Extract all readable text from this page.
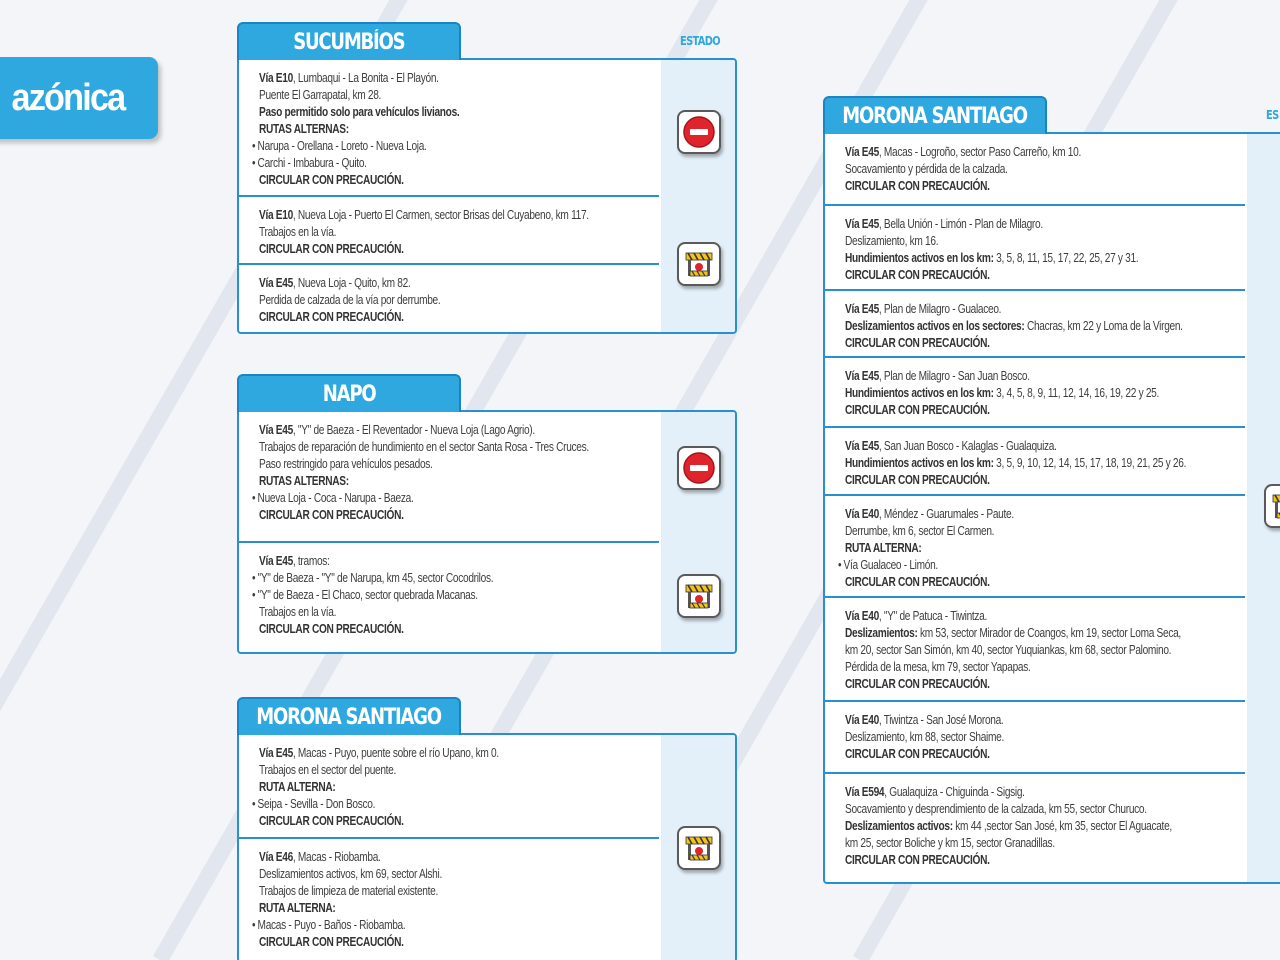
azónica
SUCUMBÍOS	ESTADO
Vía E10, Lumbaqui - La Bonita - El Playón.
Puente El Garrapatal, km 28.
Paso permitido solo para vehículos livianos.
RUTAS ALTERNAS:
• Narupa - Orellana - Loreto - Nueva Loja.
• Carchi - Imbabura - Quito.
CIRCULAR CON PRECAUCIÓN.
Vía E10, Nueva Loja - Puerto El Carmen, sector Brisas del Cuyabeno, km 117.
Trabajos en la vía.
CIRCULAR CON PRECAUCIÓN.
Vía E45, Nueva Loja - Quito, km 82.
Perdida de calzada de la vía por derrumbe.
CIRCULAR CON PRECAUCIÓN.
NAPO
Vía E45, "Y" de Baeza - El Reventador - Nueva Loja (Lago Agrio).
Trabajos de reparación de hundimiento en el sector Santa Rosa - Tres Cruces.
Paso restringido para vehículos pesados.
RUTAS ALTERNAS:
• Nueva Loja - Coca - Narupa - Baeza.
CIRCULAR CON PRECAUCIÓN.
Vía E45, tramos:
• "Y" de Baeza - "Y" de Narupa, km 45, sector Cocodrilos.
• "Y" de Baeza - El Chaco, sector quebrada Macanas.
Trabajos en la vía.
CIRCULAR CON PRECAUCIÓN.
MORONA SANTIAGO
Vía E45, Macas - Puyo, puente sobre el río Upano, km 0.
Trabajos en el sector del puente.
RUTA ALTERNA:
• Seipa - Sevilla - Don Bosco.
CIRCULAR CON PRECAUCIÓN.
Vía E46, Macas - Riobamba.
Deslizamientos activos, km 69, sector Alshi.
Trabajos de limpieza de material existente.
RUTA ALTERNA:
• Macas - Puyo - Baños - Riobamba.
CIRCULAR CON PRECAUCIÓN.
MORONA SANTIAGO	ES
Vía E45, Macas - Logroño, sector Paso Carreño, km 10.
Socavamiento y pérdida de la calzada.
CIRCULAR CON PRECAUCIÓN.
Vía E45, Bella Unión - Limón - Plan de Milagro.
Deslizamiento, km 16.
Hundimientos activos en los km: 3, 5, 8, 11, 15, 17, 22, 25, 27 y 31.
CIRCULAR CON PRECAUCIÓN.
Vía E45, Plan de Milagro - Gualaceo.
Deslizamientos activos en los sectores: Chacras, km 22 y Loma de la Virgen.
CIRCULAR CON PRECAUCIÓN.
Vía E45, Plan de Milagro - San Juan Bosco.
Hundimientos activos en los km: 3, 4, 5, 8, 9, 11, 12, 14, 16, 19, 22 y 25.
CIRCULAR CON PRECAUCIÓN.
Vía E45, San Juan Bosco - Kalaglas - Gualaquiza.
Hundimientos activos en los km: 3, 5, 9, 10, 12, 14, 15, 17, 18, 19, 21, 25 y 26.
CIRCULAR CON PRECAUCIÓN.
Vía E40, Méndez - Guarumales - Paute.
Derrumbe, km 6, sector El Carmen.
RUTA ALTERNA:
• Vía Gualaceo - Limón.
CIRCULAR CON PRECAUCIÓN.
Vía E40, "Y" de Patuca - Tiwintza.
Deslizamientos: km 53, sector Mirador de Coangos, km 19, sector Loma Seca,
km 20, sector San Simón, km 40, sector Yuquiankas, km 68, sector Palomino.
Pérdida de la mesa, km 79, sector Yapapas.
CIRCULAR CON PRECAUCIÓN.
Vía E40, Tiwintza - San José Morona.
Deslizamiento, km 88, sector Shaime.
CIRCULAR CON PRECAUCIÓN.
Vía E594, Gualaquiza - Chiguinda - Sigsig.
Socavamiento y desprendimiento de la calzada, km 55, sector Churuco.
Deslizamientos activos: km 44 ,sector San José, km 35, sector El Aguacate,
km 25, sector Boliche y km 15, sector Granadillas.
CIRCULAR CON PRECAUCIÓN.
